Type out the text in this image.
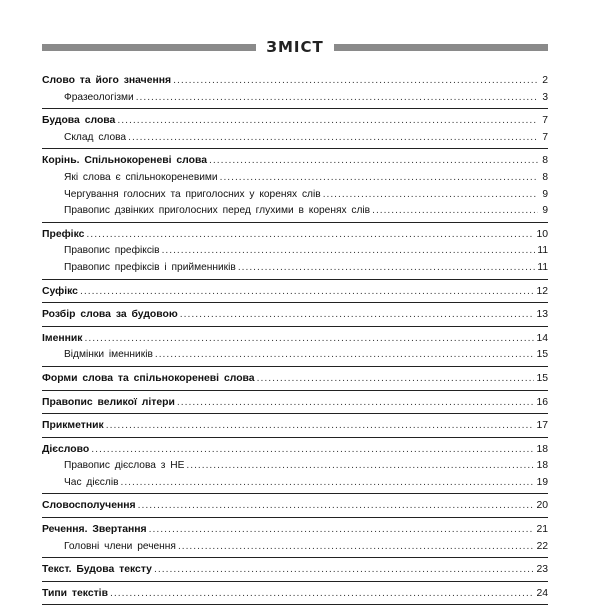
ЗМІСТ
Слово та його значення .....	2
Фразеологізми .....	3
Будова слова .....	7
Склад слова .....	7
Корінь. Спільнокореневі слова .....	8
Які слова є спільнокореневими .....	8
Чергування голосних та приголосних у коренях слів .....	9
Правопис дзвінких приголосних перед глухими в коренях слів .....	9
Префікс .....	10
Правопис префіксів .....	11
Правопис префіксів і прийменників .....	11
Суфікс .....	12
Розбір слова за будовою .....	13
Іменник .....	14
Відмінки іменників .....	15
Форми слова та спільнокореневі слова .....	15
Правопис великої літери .....	16
Прикметник .....	17
Дієслово .....	18
Правопис дієслова з НЕ .....	18
Час дієслів .....	19
Словосполучення .....	20
Речення. Звертання .....	21
Головні члени речення .....	22
Текст. Будова тексту .....	23
Типи текстів .....	24
